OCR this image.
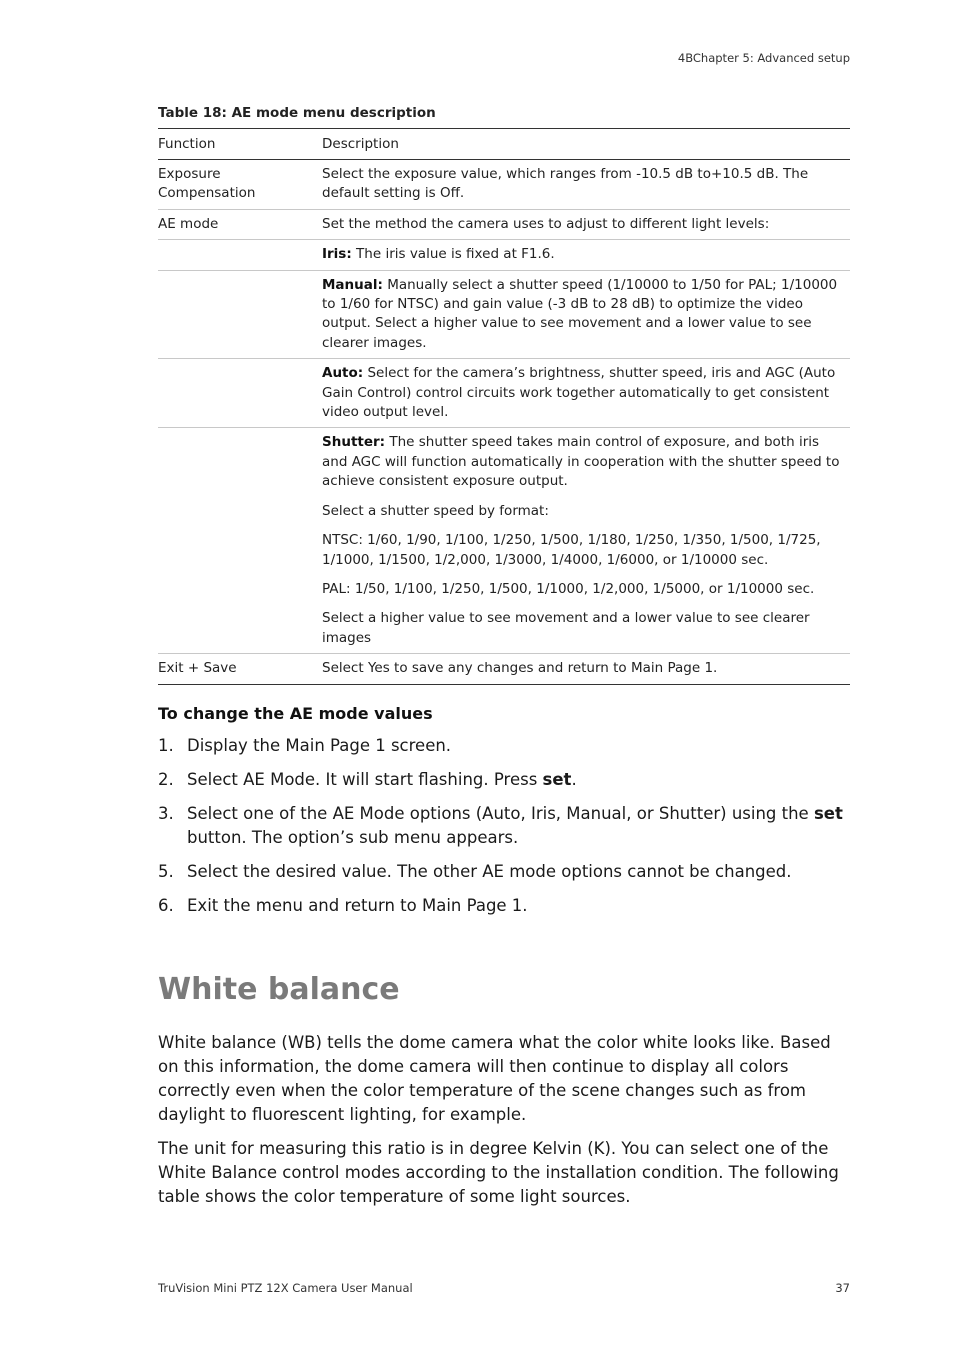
4BChapter 5: Advanced setup
Table 18: AE mode menu description
Function	Description
Exposure Compensation	Select the exposure value, which ranges from -10.5 dB to+10.5 dB. The default setting is Off.
AE mode	Set the method the camera uses to adjust to different light levels:
	Iris: The iris value is fixed at F1.6.
	Manual: Manually select a shutter speed (1/10000 to 1/50 for PAL; 1/10000 to 1/60 for NTSC) and gain value (-3 dB to 28 dB) to optimize the video output. Select a higher value to see movement and a lower value to see clearer images.
	Auto: Select for the camera’s brightness, shutter speed, iris and AGC (Auto Gain Control) control circuits work together automatically to get consistent video output level.

	Shutter: The shutter speed takes main control of exposure, and both iris and AGC will function automatically in cooperation with the shutter speed to achieve consistent exposure output.

Select a shutter speed by format:

NTSC: 1/60, 1/90, 1/100, 1/250, 1/500, 1/180, 1/250, 1/350, 1/500, 1/725, 1/1000, 1/1500, 1/2,000, 1/3000, 1/4000, 1/6000, or 1/10000 sec.

PAL: 1/50, 1/100, 1/250, 1/500, 1/1000, 1/2,000, 1/5000, or 1/10000 sec.

Select a higher value to see movement and a lower value to see clearer images

Exit + Save	Select Yes to save any changes and return to Main Page 1.
To change the AE mode values
1. Display the Main Page 1 screen.
2. Select AE Mode. It will start flashing. Press set.
3. Select one of the AE Mode options (Auto, Iris, Manual, or Shutter) using the set button. The option’s sub menu appears.
5. Select the desired value. The other AE mode options cannot be changed.
6. Exit the menu and return to Main Page 1.
White balance

White balance (WB) tells the dome camera what the color white looks like. Based on this information, the dome camera will then continue to display all colors correctly even when the color temperature of the scene changes such as from daylight to fluorescent lighting, for example.

The unit for measuring this ratio is in degree Kelvin (K). You can select one of the White Balance control modes according to the installation condition. The following table shows the color temperature of some light sources.

TruVision Mini PTZ 12X Camera User Manual	37
